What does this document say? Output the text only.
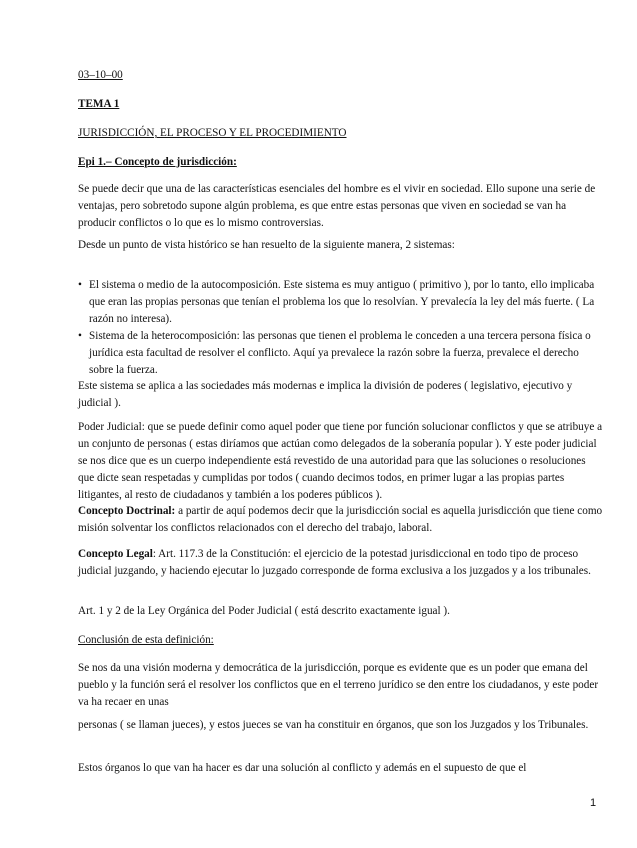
03–10–00
TEMA 1
JURISDICCIÓN, EL PROCESO Y EL PROCEDIMIENTO
Epi 1.– Concepto de jurisdicción:
Se puede decir que una de las características esenciales del hombre es el vivir en sociedad. Ello supone una serie de ventajas, pero sobretodo supone algún problema, es que entre estas personas que viven en sociedad se van ha producir conflictos o lo que es lo mismo controversias.
Desde un punto de vista histórico se han resuelto de la siguiente manera, 2 sistemas:
• El sistema o medio de la autocomposición. Este sistema es muy antiguo ( primitivo ), por lo tanto, ello implicaba que eran las propias personas que tenían el problema los que lo resolvían. Y prevalecía la ley del más fuerte. ( La razón no interesa).
• Sistema de la heterocomposición: las personas que tienen el problema le conceden a una tercera persona física o jurídica esta facultad de resolver el conflicto. Aquí ya prevalece la razón sobre la fuerza, prevalece el derecho sobre la fuerza.
Este sistema se aplica a las sociedades más modernas e implica la división de poderes ( legislativo, ejecutivo y judicial ).
Poder Judicial: que se puede definir como aquel poder que tiene por función solucionar conflictos y que se atribuye a un conjunto de personas ( estas diríamos que actúan como delegados de la soberanía popular ). Y este poder judicial se nos dice que es un cuerpo independiente está revestido de una autoridad para que las soluciones o resoluciones que dicte sean respetadas y cumplidas por todos ( cuando decimos todos, en primer lugar a las propias partes litigantes, al resto de ciudadanos y también a los poderes públicos ).
Concepto Doctrinal: a partir de aquí podemos decir que la jurisdicción social es aquella jurisdicción que tiene como misión solventar los conflictos relacionados con el derecho del trabajo, laboral.
Concepto Legal: Art. 117.3 de la Constitución: el ejercicio de la potestad jurisdiccional en todo tipo de proceso judicial juzgando, y haciendo ejecutar lo juzgado corresponde de forma exclusiva a los juzgados y a los tribunales.
Art. 1 y 2 de la Ley Orgánica del Poder Judicial ( está descrito exactamente igual ).
Conclusión de esta definición:
Se nos da una visión moderna y democrática de la jurisdicción, porque es evidente que es un poder que emana del pueblo y la función será el resolver los conflictos que en el terreno jurídico se den entre los ciudadanos, y este poder va ha recaer en unas
personas ( se llaman jueces), y estos jueces se van ha constituir en órganos, que son los Juzgados y los Tribunales.
Estos órganos lo que van ha hacer es dar una solución al conflicto y además en el supuesto de que el
1
